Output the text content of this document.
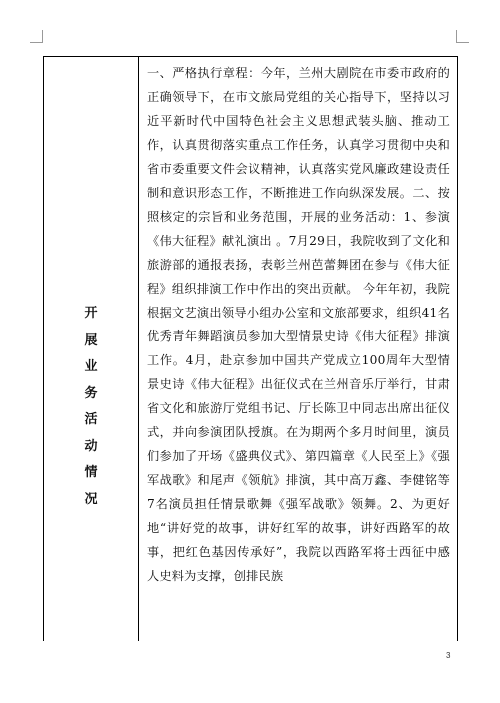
开
展
业
务
活
动
情
况

一、严格执行章程：今年，兰州大剧院在市委市政府的正确领导下，在市文旅局党组的关心指导下，坚持以习近平新时代中国特色社会主义思想武装头脑、推动工作，认真贯彻落实重点工作任务，认真学习贯彻中央和省市委重要文件会议精神，认真落实党风廉政建设责任制和意识形态工作，不断推进工作向纵深发展。二、按照核定的宗旨和业务范围，开展的业务活动：1、参演《伟大征程》献礼演出 。7月29日，我院收到了文化和旅游部的通报表扬，表彰兰州芭蕾舞团在参与《伟大征程》组织排演工作中作出的突出贡献。 今年年初，我院根据文艺演出领导小组办公室和文旅部要求，组织41名优秀青年舞蹈演员参加大型情景史诗《伟大征程》排演工作。4月，赴京参加中国共产党成立100周年大型情景史诗《伟大征程》出征仪式在兰州音乐厅举行，甘肃省文化和旅游厅党组书记、厅长陈卫中同志出席出征仪式，并向参演团队授旗。在为期两个多月时间里，演员们参加了开场《盛典仪式》、第四篇章《人民至上》《强军战歌》和尾声《领航》排演，其中高万鑫、李健铭等7名演员担任情景歌舞《强军战歌》领舞。2、为更好地“讲好党的故事，讲好红军的故事，讲好西路军的故事，把红色基因传承好”，我院以西路军将士西征中感人史料为支撑，创排民族

3
